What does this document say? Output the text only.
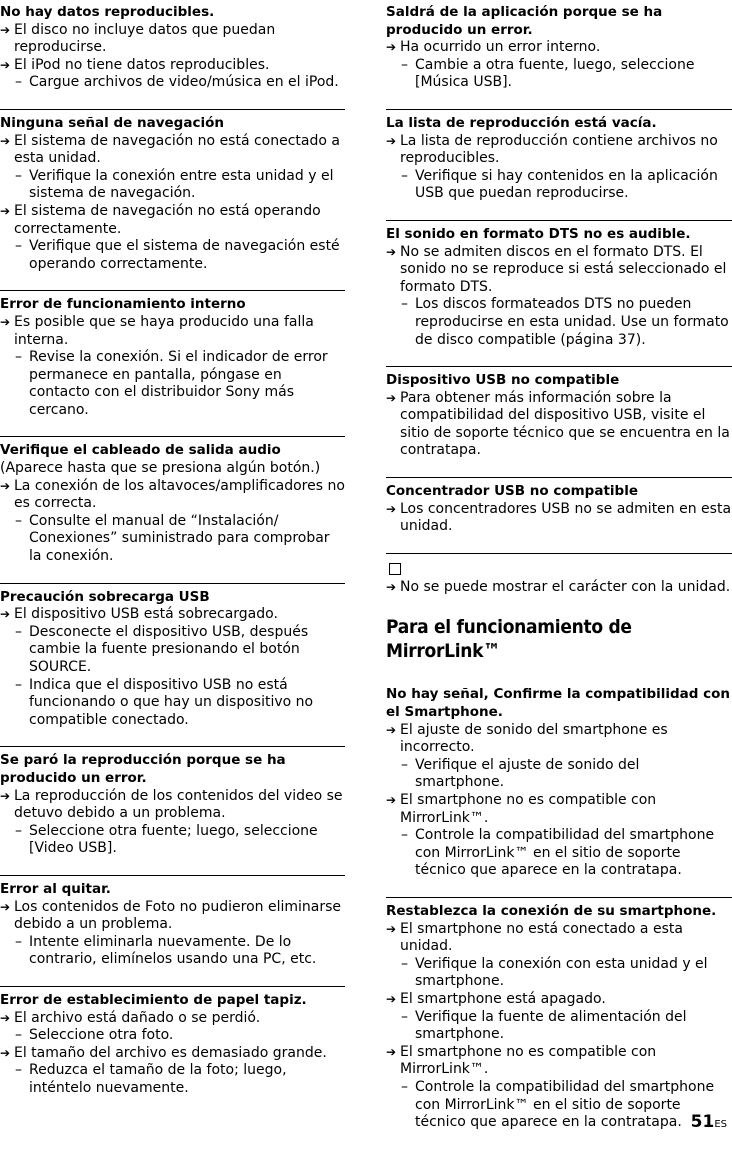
No hay datos reproducibles.
➔ El disco no incluye datos que puedan reproducirse.
➔ El iPod no tiene datos reproducibles.
– Cargue archivos de video/música en el iPod.
Ninguna señal de navegación
➔ El sistema de navegación no está conectado a esta unidad.
– Verifique la conexión entre esta unidad y el sistema de navegación.
➔ El sistema de navegación no está operando correctamente.
– Verifique que el sistema de navegación esté operando correctamente.
Error de funcionamiento interno
➔ Es posible que se haya producido una falla interna.
– Revise la conexión. Si el indicador de error permanece en pantalla, póngase en contacto con el distribuidor Sony más cercano.
Verifique el cableado de salida audio

(Aparece hasta que se presiona algún botón.)

➔ La conexión de los altavoces/amplificadores no es correcta.
– Consulte el manual de “Instalación/ Conexiones” suministrado para comprobar la conexión.
Precaución sobrecarga USB
➔ El dispositivo USB está sobrecargado.
– Desconecte el dispositivo USB, después cambie la fuente presionando el botón SOURCE.
– Indica que el dispositivo USB no está funcionando o que hay un dispositivo no compatible conectado.
Se paró la reproducción porque se ha producido un error.
➔ La reproducción de los contenidos del video se detuvo debido a un problema.
– Seleccione otra fuente; luego, seleccione [Video USB].
Error al quitar.
➔ Los contenidos de Foto no pudieron eliminarse debido a un problema.
– Intente eliminarla nuevamente. De lo contrario, elimínelos usando una PC, etc.
Error de establecimiento de papel tapiz.
➔ El archivo está dañado o se perdió.
– Seleccione otra foto.
➔ El tamaño del archivo es demasiado grande.
– Reduzca el tamaño de la foto; luego, inténtelo nuevamente.
Saldrá de la aplicación porque se ha producido un error.
➔ Ha ocurrido un error interno.
– Cambie a otra fuente, luego, seleccione [Música USB].
La lista de reproducción está vacía.
➔ La lista de reproducción contiene archivos no reproducibles.
– Verifique si hay contenidos en la aplicación USB que puedan reproducirse.
El sonido en formato DTS no es audible.
➔ No se admiten discos en el formato DTS. El sonido no se reproduce si está seleccionado el formato DTS.
– Los discos formateados DTS no pueden reproducirse en esta unidad. Use un formato de disco compatible (página 37).
Dispositivo USB no compatible
➔ Para obtener más información sobre la compatibilidad del dispositivo USB, visite el sitio de soporte técnico que se encuentra en la contratapa.
Concentrador USB no compatible
➔ Los concentradores USB no se admiten en esta unidad.
➔ No se puede mostrar el carácter con la unidad.
Para el funcionamiento de MirrorLink™
No hay señal, Confirme la compatibilidad con el Smartphone.
➔ El ajuste de sonido del smartphone es incorrecto.
– Verifique el ajuste de sonido del smartphone.
➔ El smartphone no es compatible con MirrorLink™.
– Controle la compatibilidad del smartphone con MirrorLink™ en el sitio de soporte técnico que aparece en la contratapa.
Restablezca la conexión de su smartphone.
➔ El smartphone no está conectado a esta unidad.
– Verifique la conexión con esta unidad y el smartphone.
➔ El smartphone está apagado.
– Verifique la fuente de alimentación del smartphone.
➔ El smartphone no es compatible con MirrorLink™.
– Controle la compatibilidad del smartphone con MirrorLink™ en el sitio de soporte técnico que aparece en la contratapa. 51ES
